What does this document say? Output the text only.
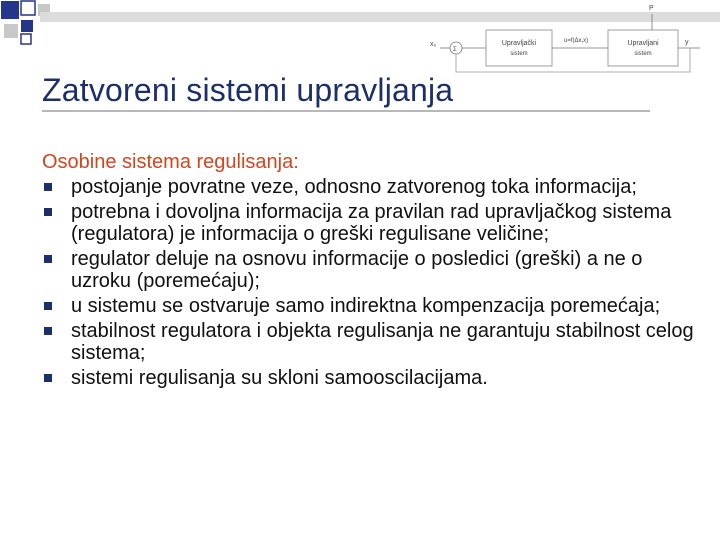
x₀
Σ
Upravljački
sistem
u=f(Δx,x)	Upravljani
sistem
P
y
Zatvoreni sistemi upravljanja

Osobine sistema regulisanja:

postojanje povratne veze, odnosno zatvorenog toka informacija;
potrebna i dovoljna informacija za pravilan rad upravljačkog sistema (regulatora) je informacija o greški regulisane veličine;
regulator deluje na osnovu informacije o posledici (greški) a ne o uzroku (poremećaju);
u sistemu se ostvaruje samo indirektna kompenzacija poremećaja;
stabilnost regulatora i objekta regulisanja ne garantuju stabilnost celog sistema;
sistemi regulisanja su skloni samooscilacijama.
